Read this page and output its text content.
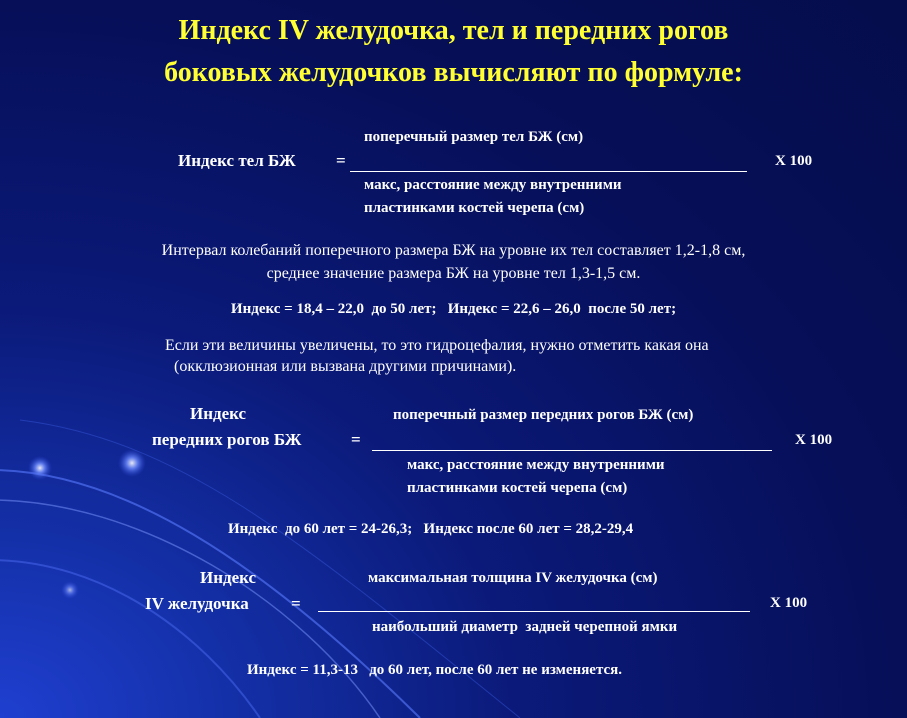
Индекс IV желудочка, тел и передних рогов
боковых желудочков вычисляют по формуле:
поперечный размер тел БЖ (см)
Индекс тел БЖ =	Х 100
макс, расстояние между внутренними
пластинками костей черепа (см)
Интервал колебаний поперечного размера БЖ на уровне их тел составляет 1,2-1,8 см,
среднее значение размера БЖ на уровне тел 1,3-1,5 см.
Индекс = 18,4 – 22,0  до 50 лет;   Индекс = 22,6 – 26,0  после 50 лет;
Если эти величины увеличены, то это гидроцефалия, нужно отметить какая она
(окклюзионная или вызвана другими причинами).
Индекс	поперечный размер передних рогов БЖ (см)
передних рогов БЖ	=	Х 100
макс, расстояние между внутренними
пластинками костей черепа (см)
Индекс  до 60 лет = 24-26,3;   Индекс после 60 лет = 28,2-29,4
Индекс	максимальная толщина IV желудочка (см)
IV желудочка =	Х 100
наибольший диаметр  задней черепной ямки
Индекс = 11,3-13   до 60 лет, после 60 лет не изменяется.
